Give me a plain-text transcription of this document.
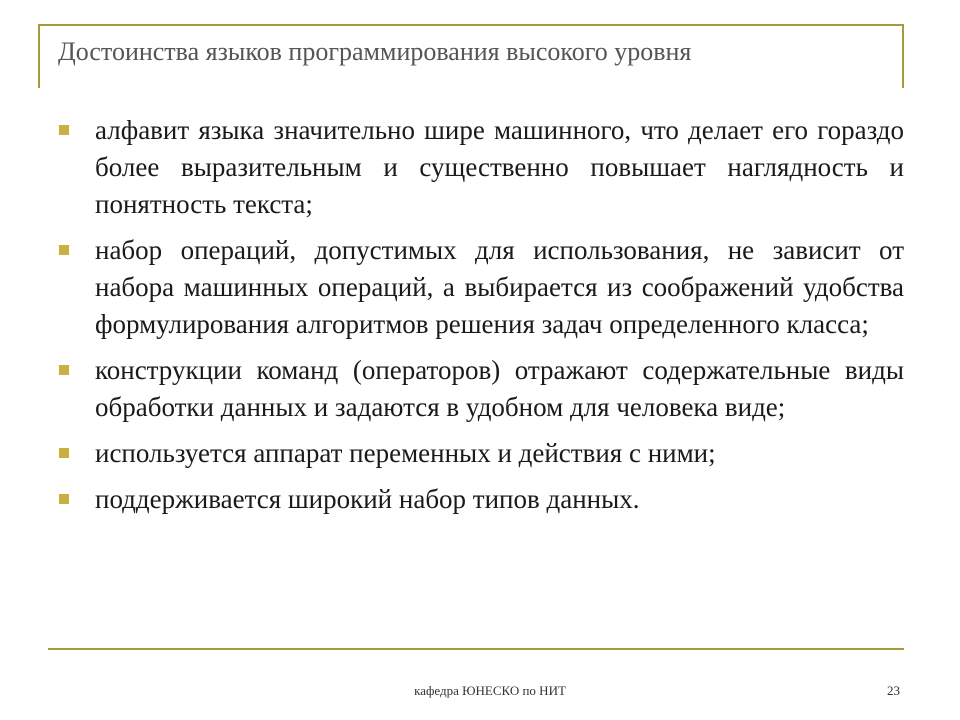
Достоинства языков программирования высокого уровня
алфавит языка значительно шире машинного, что делает его гораздо более выразительным и существенно повышает наглядность и понятность текста;
набор операций, допустимых для использования, не зависит от набора машинных операций, а выбирается из соображений удобства формулирования алгоритмов решения задач определенного класса;
конструкции команд (операторов) отражают содержательные виды обработки данных и задаются в удобном для человека виде;
используется аппарат переменных и действия с ними;
поддерживается широкий набор типов данных.
кафедра ЮНЕСКО по НИТ	23
